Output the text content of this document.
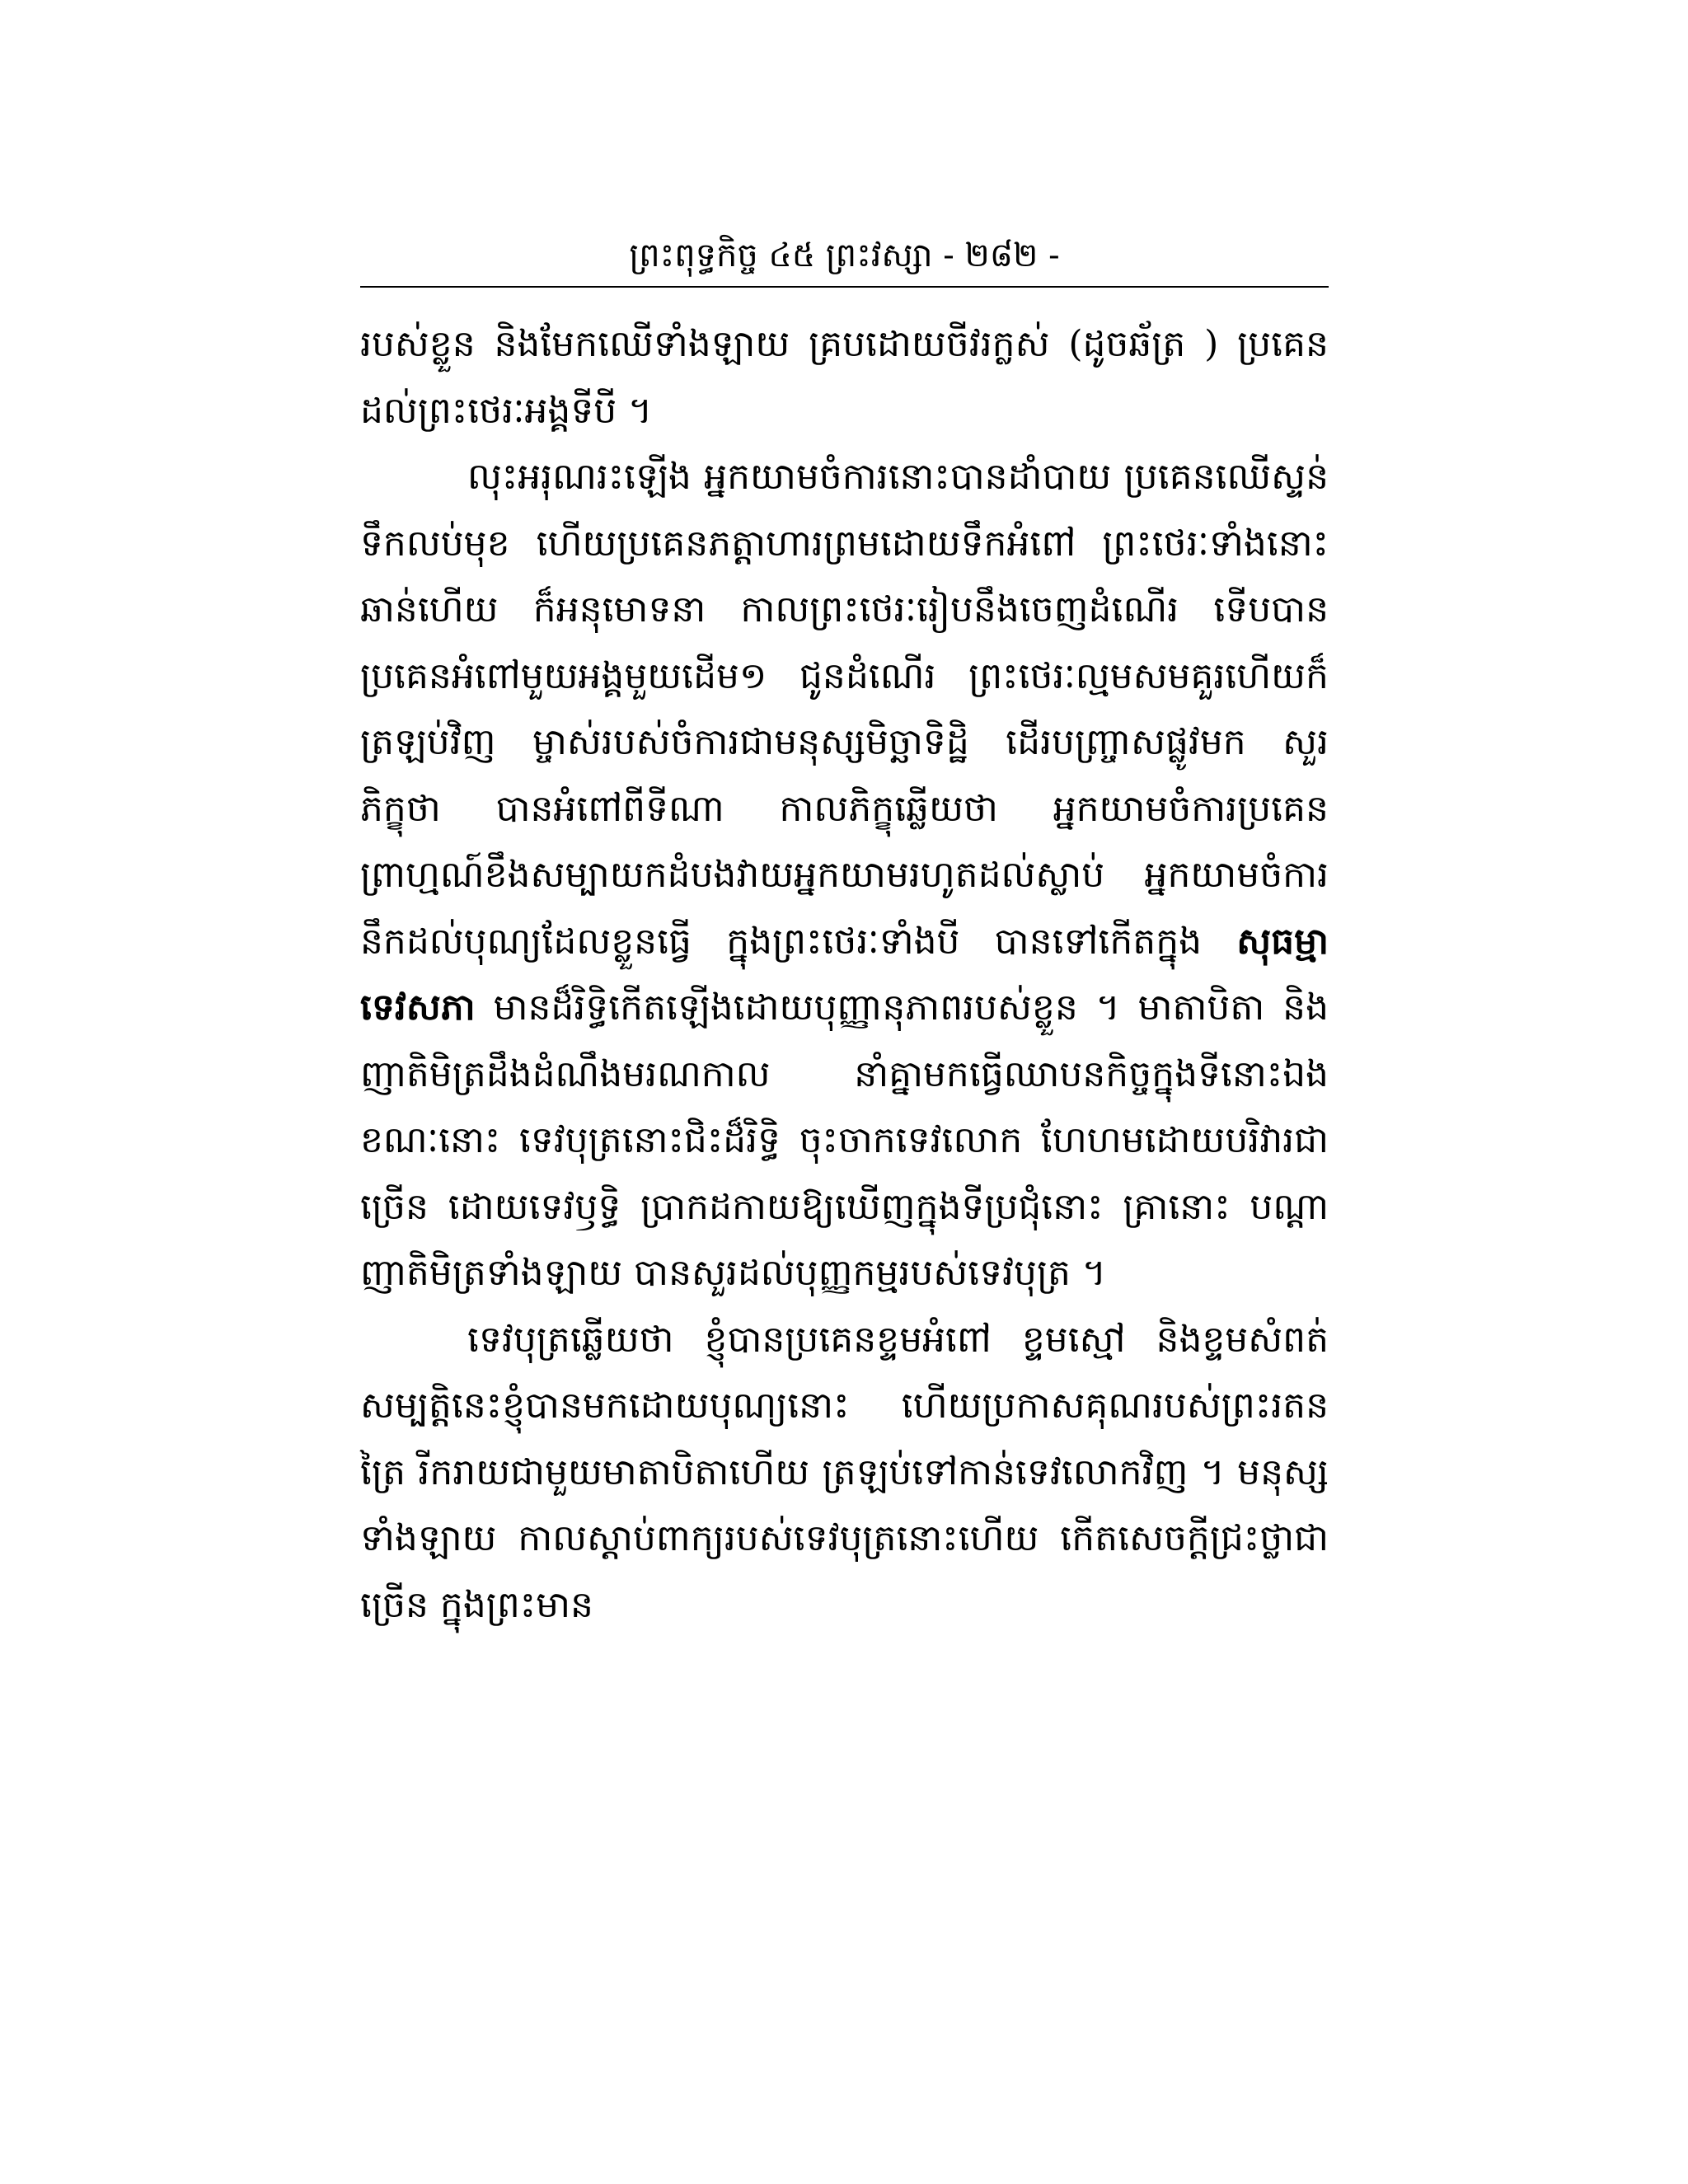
ព្រះពុទ្ធកិច្ច ៤៥ ព្រះវស្សា - ២៨២ -

របស់ខ្លួន និងមែកឈើទាំងឡាយ គ្របដោយចីវរក្លស់ (ដូចឆ័ត្រ ) ប្រគេនដល់ព្រះថេរៈអង្គទីបី ។

លុះអរុណរះឡើង អ្នកយាមចំការនោះបានដាំបាយ ប្រគេនឈើស្ទន់ទឹកលប់មុខ ហើយប្រគេនភត្តាហារព្រមដោយទឹកអំពៅ ព្រះថេរៈទាំងនោះឆាន់ហើយ ក៏អនុមោទនា កាលព្រះថេរៈរៀបនឹងចេញដំណើរ ទើបបានប្រគេនអំពៅមួយអង្គមួយដើម១ ជូនដំណើរ ព្រះថេរៈល្មមសមគួរហើយក៏ត្រឡប់វិញ ម្ចាស់របស់ចំការជាមនុស្សមិច្ឆាទិដ្ឋិ ដើរបញ្ច្រាសផ្លូវមក សួរភិក្ខុថា បានអំពៅពីទីណា កាលភិក្ខុឆ្លើយថា អ្នកយាមចំការប្រគេន ព្រាហ្មណ៍ខឹងសម្បាយកដំបងវាយអ្នកយាមរហូតដល់ស្លាប់ អ្នកយាមចំការនឹកដល់បុណ្យដែលខ្លួនធ្វើ ក្នុងព្រះថេរៈទាំងបី បានទៅកើតក្នុង សុធម្មាទេវសភា មានដ៏រិទ្ធិកើតឡើងដោយបុញ្ញានុភាពរបស់ខ្លួន ។ មាតាបិតា និងញាតិមិត្រដឹងដំណឹងមរណកាល នាំគ្នាមកធ្វើឈាបនកិច្ចក្នុងទីនោះឯង ខណៈនោះ ទេវបុត្រនោះជិះដ៏រិទ្ធិ ចុះចាកទេវលោក ហែហមដោយបរិវារជាច្រើន ដោយទេវឫទ្ធិ ប្រាកដកាយឱ្យឃើញក្នុងទីប្រជុំនោះ គ្រានោះ បណ្ដាញាតិមិត្រទាំងឡាយ បានសួរដល់បុញ្ញកម្មរបស់ទេវបុត្រ ។

ទេវបុត្រឆ្លើយថា ខ្ញុំបានប្រគេនខ្ទមអំពៅ ខ្ទមស្មៅ និងខ្ទមសំពត់ សម្បត្តិនេះខ្ញុំបានមកដោយបុណ្យនោះ ហើយប្រកាសគុណរបស់ព្រះរតនត្រៃ រីករាយជាមួយមាតាបិតាហើយ ត្រឡប់ទៅកាន់ទេវលោកវិញ ។ មនុស្សទាំងឡាយ កាលស្ដាប់ពាក្យរបស់ទេវបុត្រនោះហើយ កើតសេចក្ដីជ្រះថ្លាជាច្រើន ក្នុងព្រះមាន
